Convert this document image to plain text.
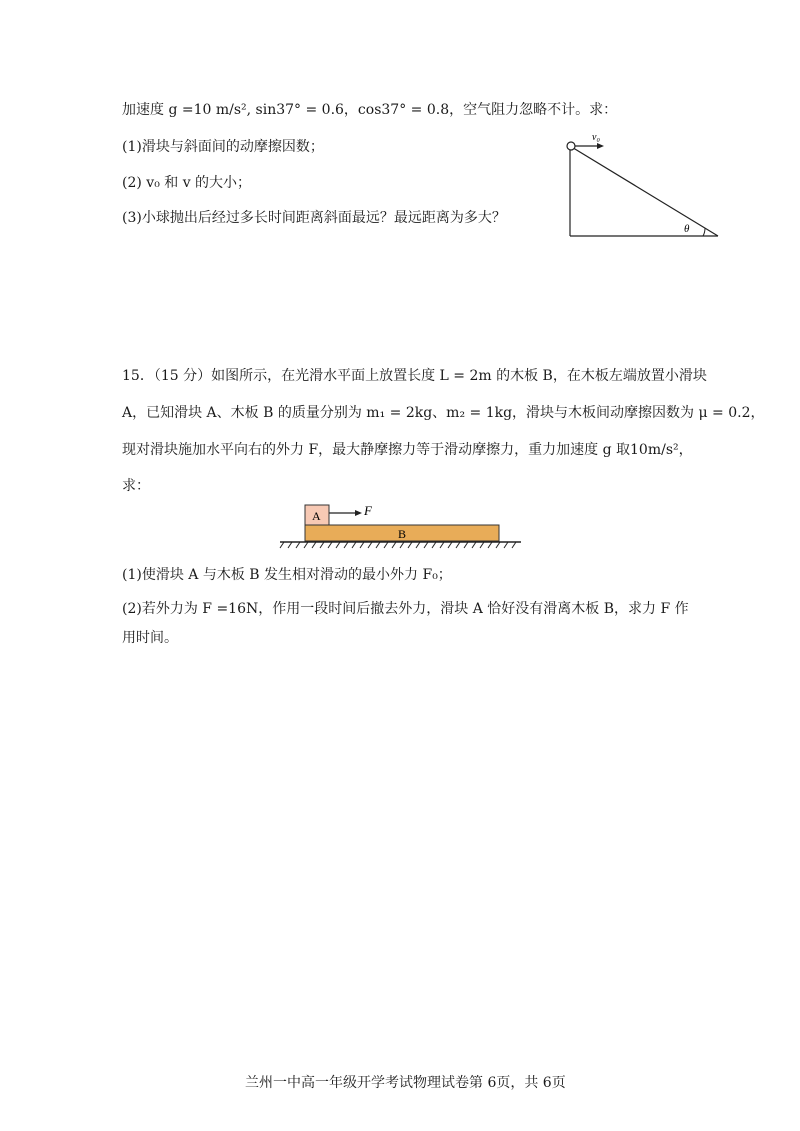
加速度 g =10 m/s², sin37° = 0.6，cos37° = 0.8，空气阻力忽略不计。求：
(1)滑块与斜面间的动摩擦因数；
(2) v₀ 和 v 的大小；
(3)小球抛出后经过多长时间距离斜面最远？最远距离为多大？
v₀
θ
15．（15 分）如图所示，在光滑水平面上放置长度 L = 2m 的木板 B，在木板左端放置小滑块
A，已知滑块 A、木板 B 的质量分别为 m₁ = 2kg、m₂ = 1kg，滑块与木板间动摩擦因数为 μ = 0.2，
现对滑块施加水平向右的外力 F，最大静摩擦力等于滑动摩擦力，重力加速度 g 取10m/s²，
求：
A	F
B
(1)使滑块 A 与木板 B 发生相对滑动的最小外力 F₀；
(2)若外力为 F =16N，作用一段时间后撤去外力，滑块 A 恰好没有滑离木板 B，求力 F 作
用时间。
兰州一中高一年级开学考试物理试卷第 6页，共 6页
